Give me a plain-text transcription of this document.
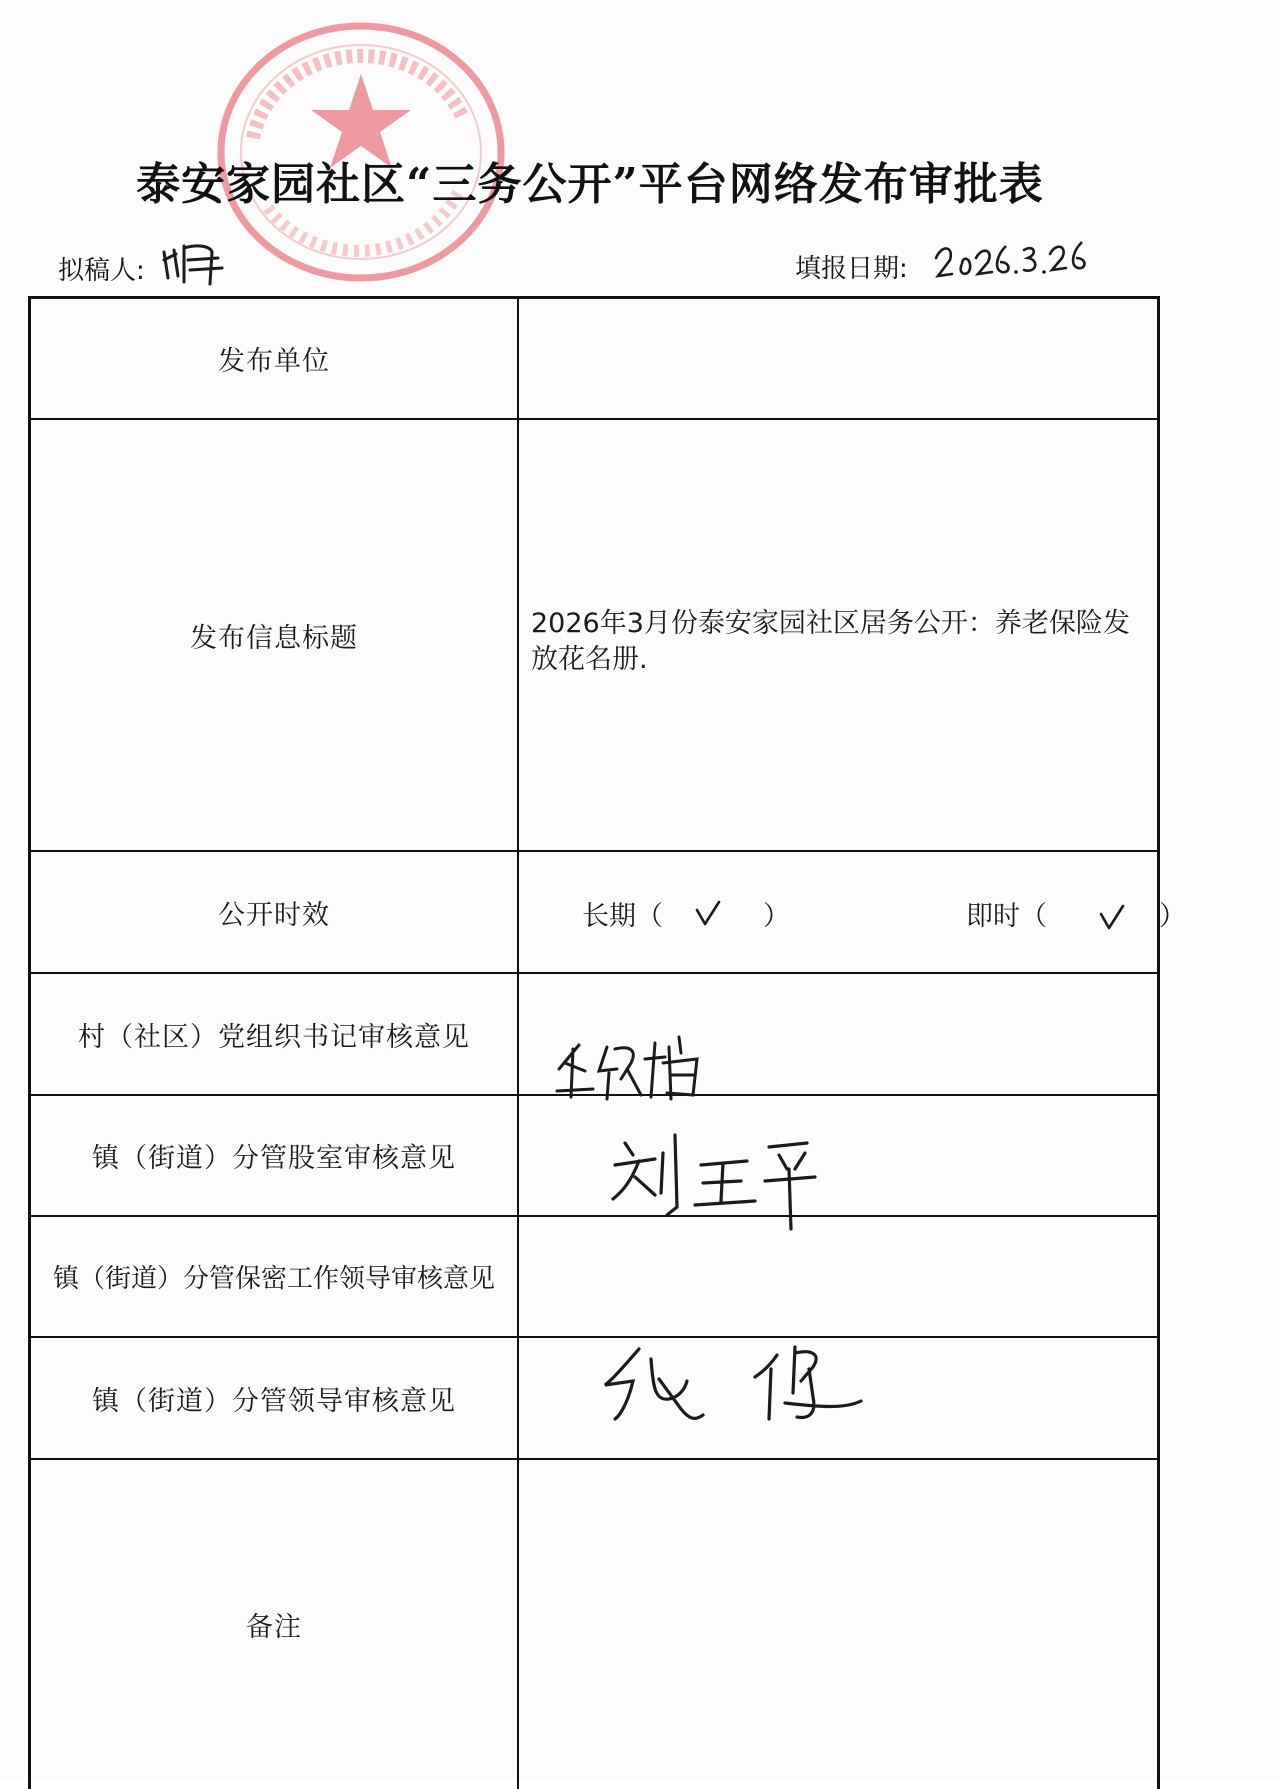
泰安家园社区“三务公开”平台网络发布审批表
拟稿人:	填报日期:
发布单位
发布信息标题	2026年3月份泰安家园社区居务公开：养老保险发放花名册.
公开时效	长期（	）	即时（	）
村（社区）党组织书记审核意见
镇（街道）分管股室审核意见
镇（街道）分管保密工作领导审核意见
镇（街道）分管领导审核意见
备注
